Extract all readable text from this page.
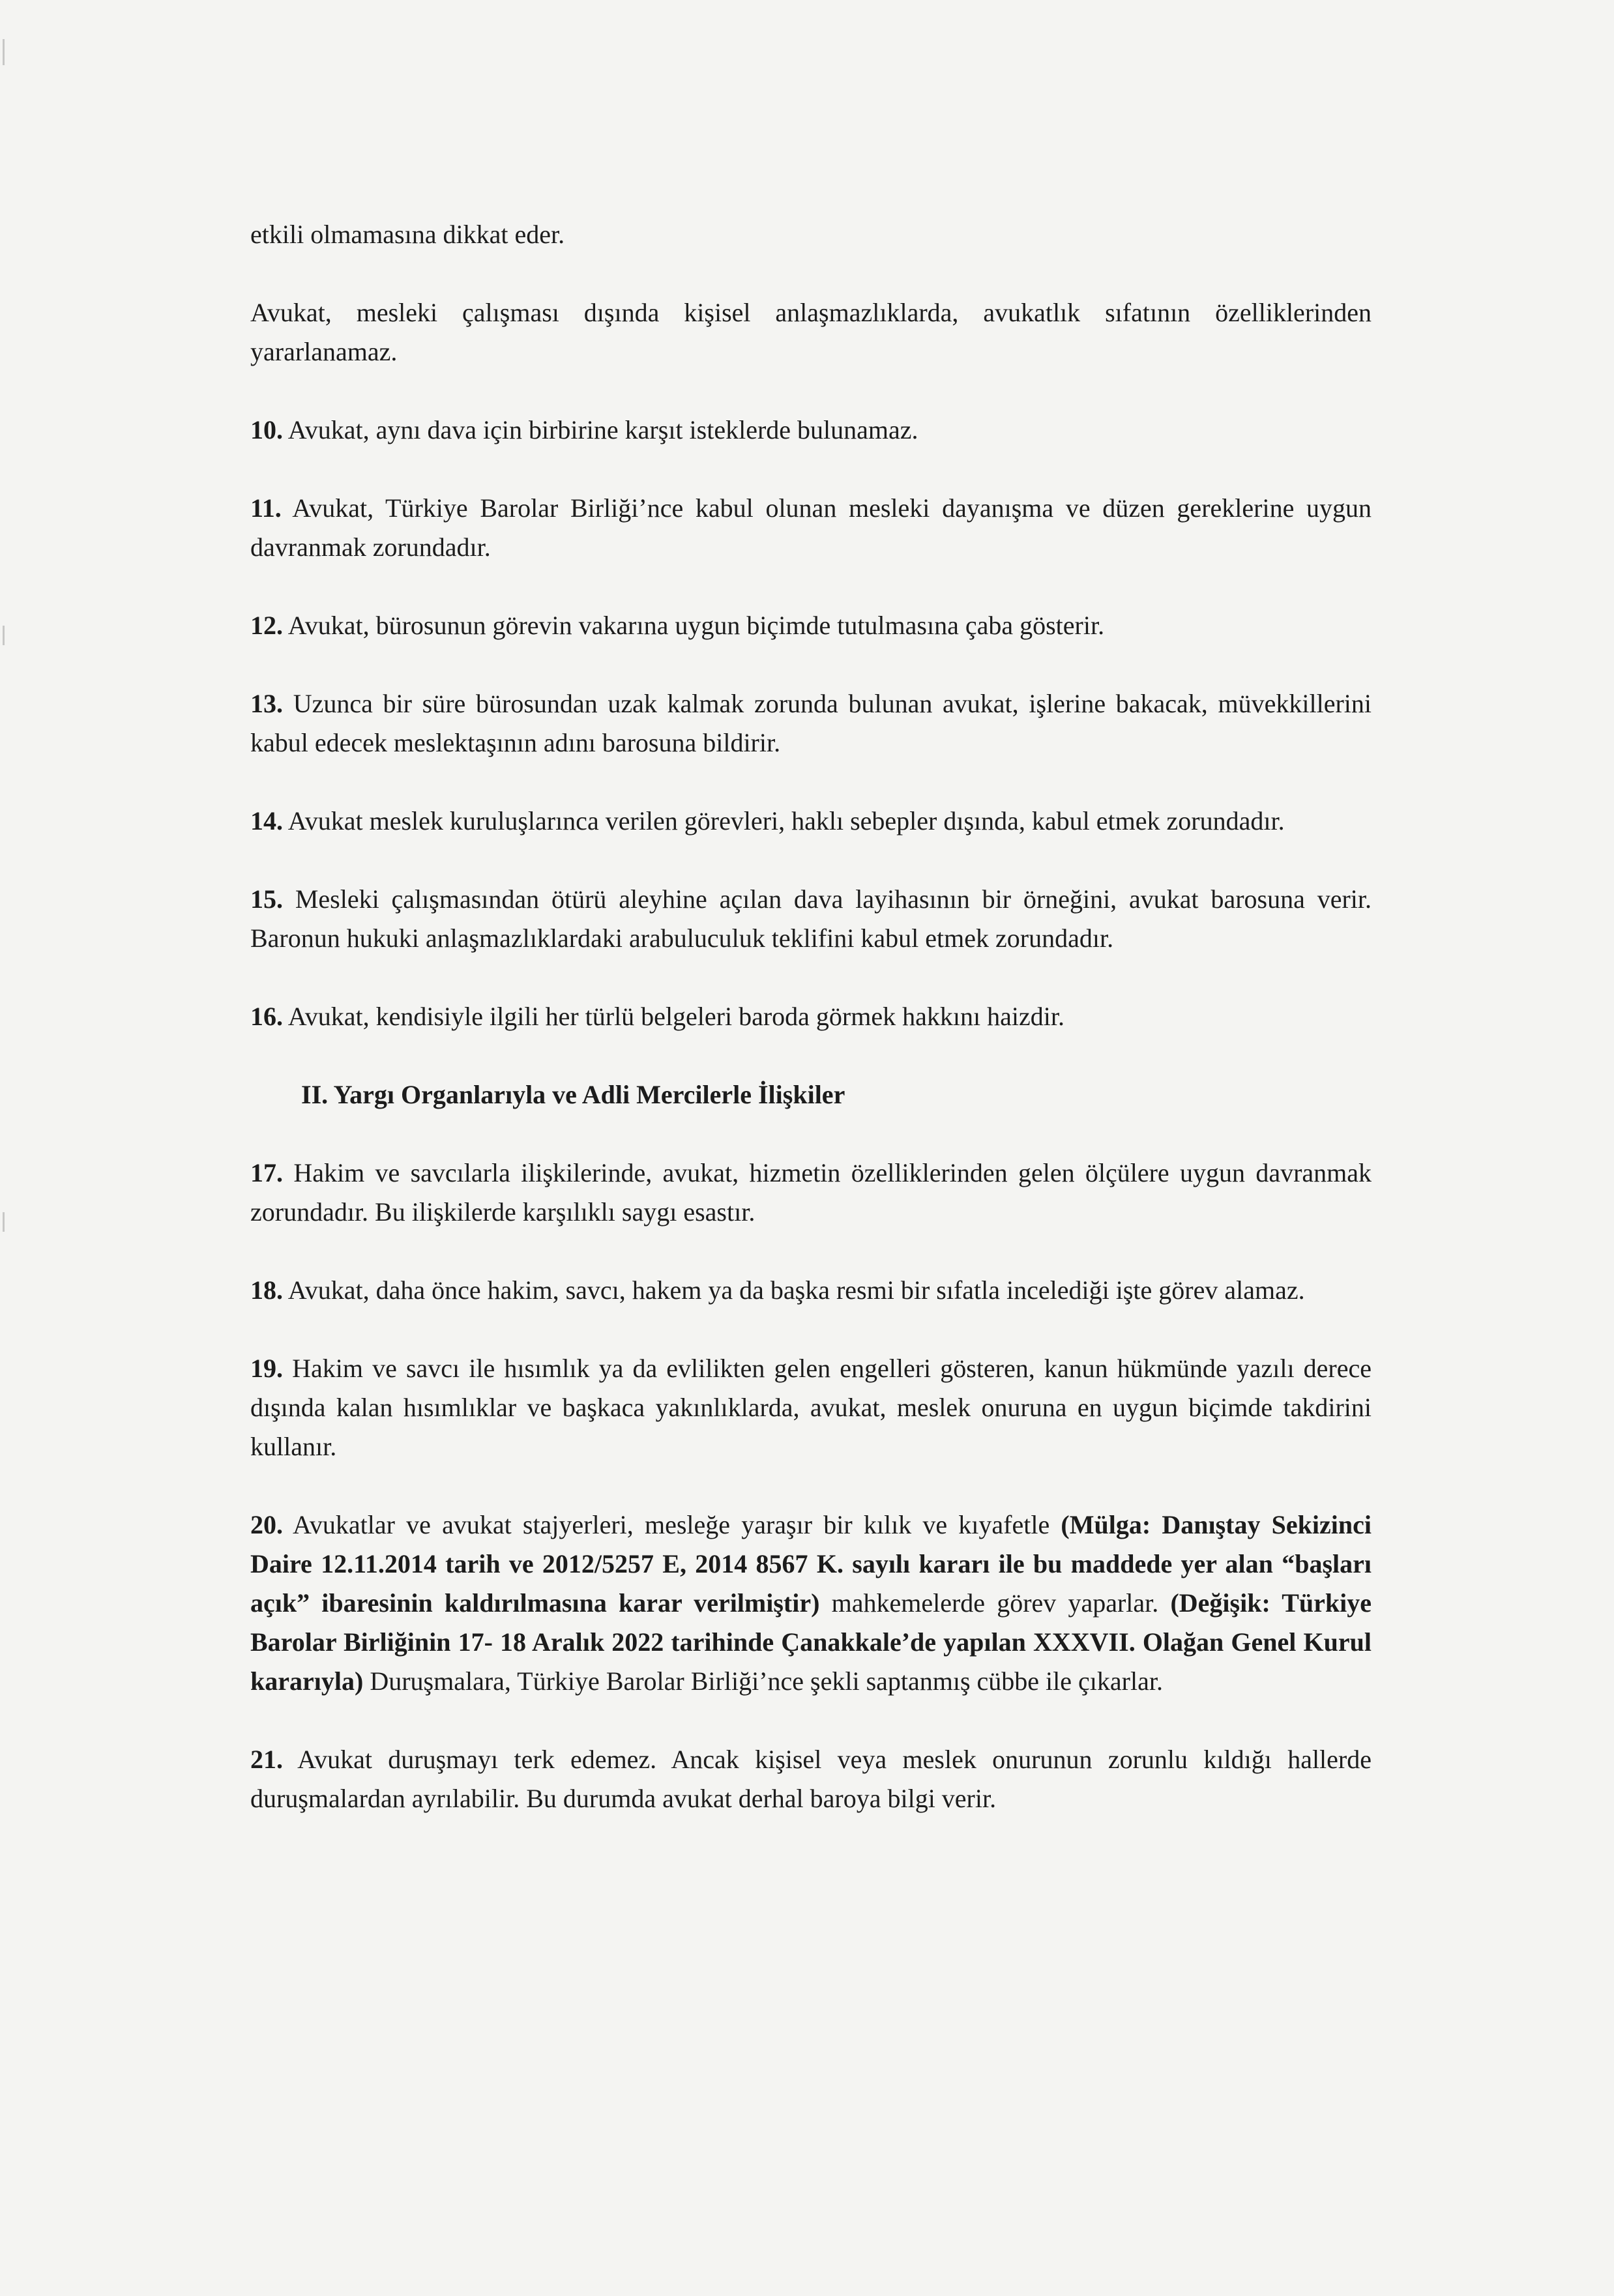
etkili olmamasına dikkat eder.

Avukat, mesleki çalışması dışında kişisel anlaşmazlıklarda, avukatlık sıfatının özelliklerinden yararlanamaz.

10. Avukat, aynı dava için birbirine karşıt isteklerde bulunamaz.

11. Avukat, Türkiye Barolar Birliği’nce kabul olunan mesleki dayanışma ve düzen gereklerine uygun davranmak zorundadır.

12. Avukat, bürosunun görevin vakarına uygun biçimde tutulmasına çaba gösterir.

13. Uzunca bir süre bürosundan uzak kalmak zorunda bulunan avukat, işlerine bakacak, müvekkillerini kabul edecek meslektaşının adını barosuna bildirir.

14. Avukat meslek kuruluşlarınca verilen görevleri, haklı sebepler dışında, kabul etmek zorundadır.

15. Mesleki çalışmasından ötürü aleyhine açılan dava layihasının bir örneğini, avukat barosuna verir. Baronun hukuki anlaşmazlıklardaki arabuluculuk teklifini kabul etmek zorundadır.

16. Avukat, kendisiyle ilgili her türlü belgeleri baroda görmek hakkını haizdir.

II. Yargı Organlarıyla ve Adli Mercilerle İlişkiler

17. Hakim ve savcılarla ilişkilerinde, avukat, hizmetin özelliklerinden gelen ölçülere uygun davranmak zorundadır. Bu ilişkilerde karşılıklı saygı esastır.

18. Avukat, daha önce hakim, savcı, hakem ya da başka resmi bir sıfatla incelediği işte görev alamaz.

19. Hakim ve savcı ile hısımlık ya da evlilikten gelen engelleri gösteren, kanun hükmünde yazılı derece dışında kalan hısımlıklar ve başkaca yakınlıklarda, avukat, meslek onuruna en uygun biçimde takdirini kullanır.

20. Avukatlar ve avukat stajyerleri, mesleğe yaraşır bir kılık ve kıyafetle (Mülga: Danıştay Sekizinci Daire 12.11.2014 tarih ve 2012/5257 E, 2014 8567 K. sayılı kararı ile bu maddede yer alan “başları açık” ibaresinin kaldırılmasına karar verilmiştir) mahkemelerde görev yaparlar. (Değişik: Türkiye Barolar Birliğinin 17- 18 Aralık 2022 tarihinde Çanakkale’de yapılan XXXVII. Olağan Genel Kurul kararıyla) Duruşmalara, Türkiye Barolar Birliği’nce şekli saptanmış cübbe ile çıkarlar.

21. Avukat duruşmayı terk edemez. Ancak kişisel veya meslek onurunun zorunlu kıldığı hallerde duruşmalardan ayrılabilir. Bu durumda avukat derhal baroya bilgi verir.
